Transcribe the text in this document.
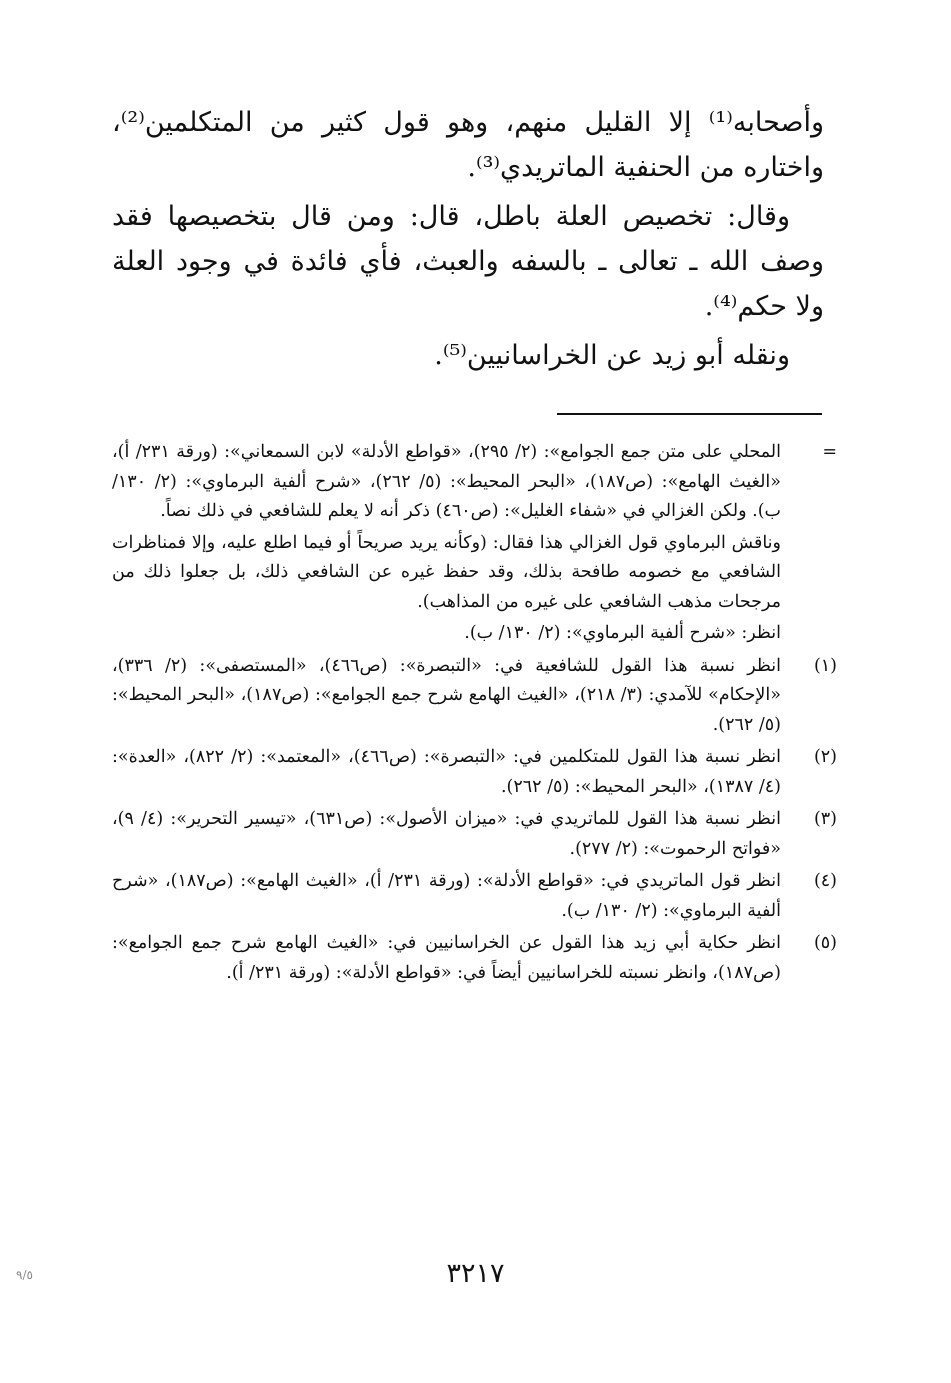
وأصحابه⁽¹⁾ إلا القليل منهم، وهو قول كثير من المتكلمين⁽²⁾، واختاره من الحنفية الماتريدي⁽³⁾.

وقال: تخصيص العلة باطل، قال: ومن قال بتخصيصها فقد وصف الله ـ تعالى ـ بالسفه والعبث، فأي فائدة في وجود العلة ولا حكم⁽⁴⁾.

ونقله أبو زيد عن الخراسانيين⁽⁵⁾.

=

المحلي على متن جمع الجوامع»: (٢/ ٢٩٥)، «قواطع الأدلة» لابن السمعاني»: (ورقة ٢٣١/ أ)، «الغيث الهامع»: (ص١٨٧)، «البحر المحيط»: (٥/ ٢٦٢)، «شرح ألفية البرماوي»: (٢/ ١٣٠/ ب). ولكن الغزالي في «شفاء الغليل»: (ص٤٦٠) ذكر أنه لا يعلم للشافعي في ذلك نصاً.

وناقش البرماوي قول الغزالي هذا فقال: (وكأنه يريد صريحاً أو فيما اطلع عليه، وإلا فمناظرات الشافعي مع خصومه طافحة بذلك، وقد حفظ غيره عن الشافعي ذلك، بل جعلوا ذلك من مرجحات مذهب الشافعي على غيره من المذاهب).

انظر: «شرح ألفية البرماوي»: (٢/ ١٣٠/ ب).

(١)

انظر نسبة هذا القول للشافعية في: «التبصرة»: (ص٤٦٦)، «المستصفى»: (٢/ ٣٣٦)، «الإحكام» للآمدي: (٣/ ٢١٨)، «الغيث الهامع شرح جمع الجوامع»: (ص١٨٧)، «البحر المحيط»: (٥/ ٢٦٢).

(٢)

انظر نسبة هذا القول للمتكلمين في: «التبصرة»: (ص٤٦٦)، «المعتمد»: (٢/ ٨٢٢)، «العدة»: (٤/ ١٣٨٧)، «البحر المحيط»: (٥/ ٢٦٢).

(٣)

انظر نسبة هذا القول للماتريدي في: «ميزان الأصول»: (ص٦٣١)، «تيسير التحرير»: (٤/ ٩)، «فواتح الرحموت»: (٢/ ٢٧٧).

(٤)

انظر قول الماتريدي في: «قواطع الأدلة»: (ورقة ٢٣١/ أ)، «الغيث الهامع»: (ص١٨٧)، «شرح ألفية البرماوي»: (٢/ ١٣٠/ ب).

(٥)

انظر حكاية أبي زيد هذا القول عن الخراسانيين في: «الغيث الهامع شرح جمع الجوامع»: (ص١٨٧)، وانظر نسبته للخراسانيين أيضاً في: «قواطع الأدلة»: (ورقة ٢٣١/ أ).

٣٢١٧
٩/٥
